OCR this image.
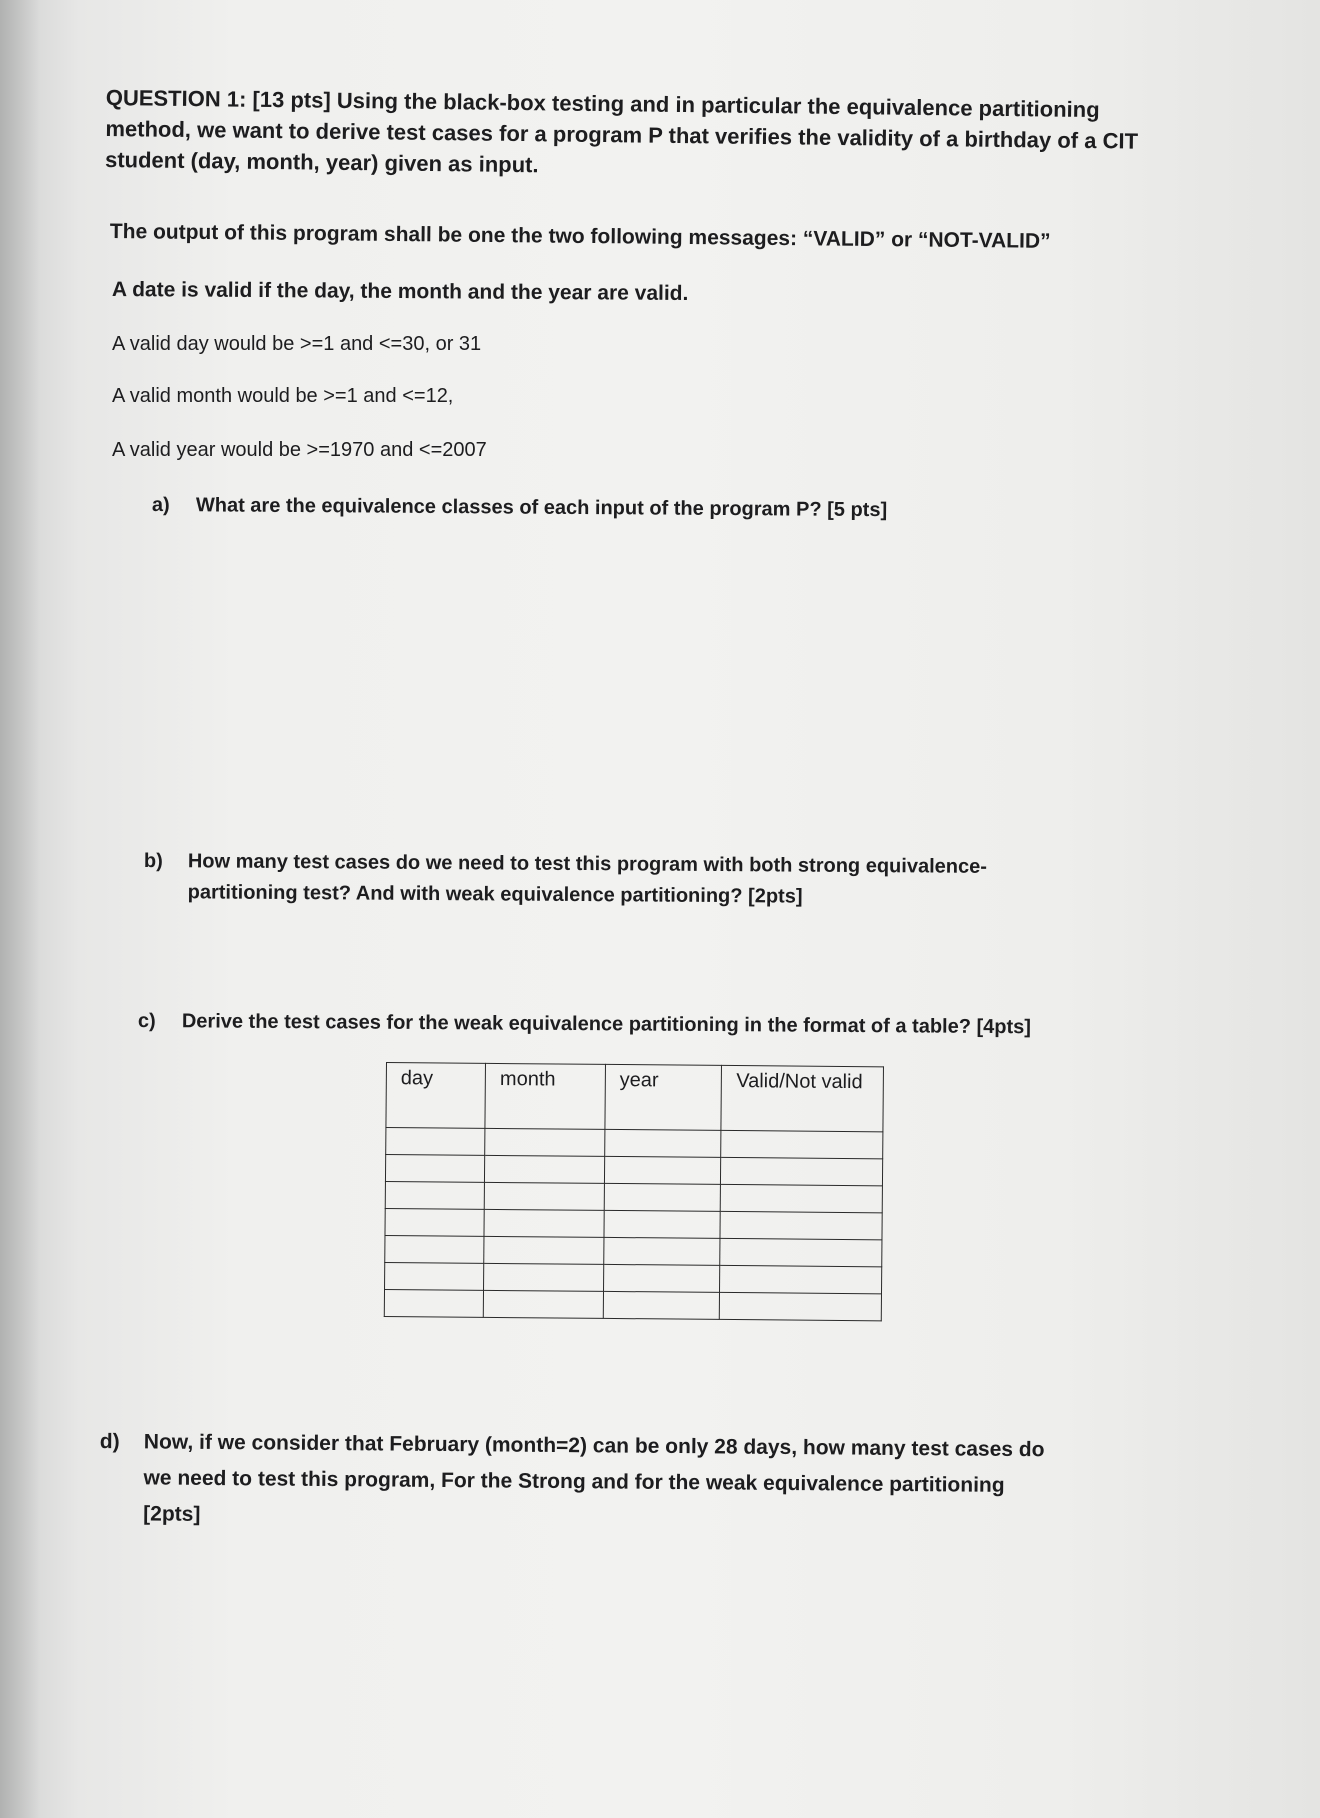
QUESTION 1: [13 pts] Using the black-box testing and in particular the equivalence partitioning
method, we want to derive test cases for a program P that verifies the validity of a birthday of a CIT
student (day, month, year) given as input.
The output of this program shall be one the two following messages: “VALID” or “NOT-VALID”
A date is valid if the day, the month and the year are valid.
A valid day would be >=1 and <=30, or 31
A valid month would be >=1 and <=12,
A valid year would be >=1970 and <=2007
a) What are the equivalence classes of each input of the program P? [5 pts]
b) How many test cases do we need to test this program with both strong equivalence-
partitioning test? And with weak equivalence partitioning? [2pts]
c) Derive the test cases for the weak equivalence partitioning in the format of a table? [4pts]
day	month	year	Valid/Not valid

d) Now, if we consider that February (month=2) can be only 28 days, how many test cases do
we need to test this program, For the Strong and for the weak equivalence partitioning
[2pts]
